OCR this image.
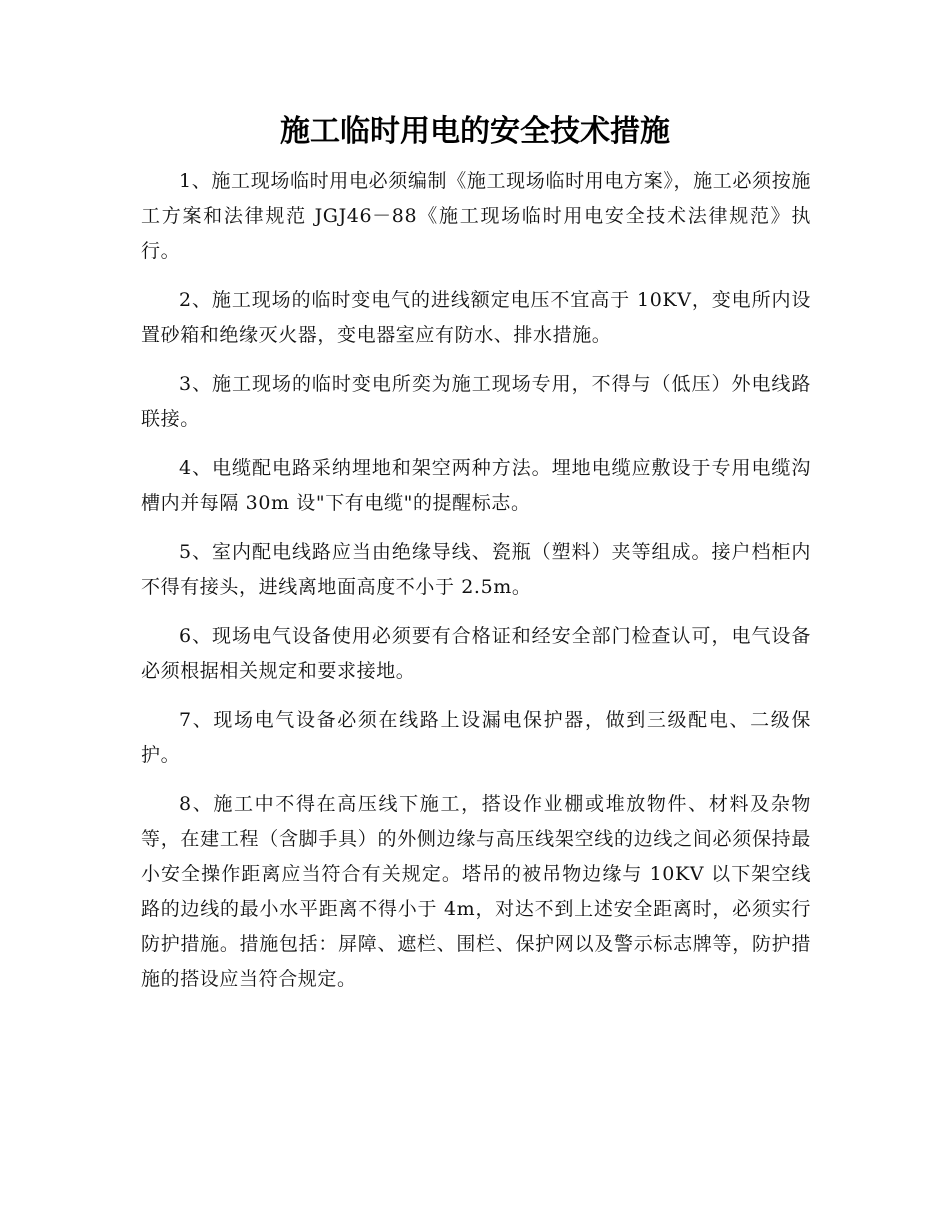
施工临时用电的安全技术措施

1、施工现场临时用电必须编制《施工现场临时用电方案》，施工必须按施工方案和法律规范 JGJ46－88《施工现场临时用电安全技术法律规范》执行。

2、施工现场的临时变电气的进线额定电压不宜高于 10KV，变电所内设置砂箱和绝缘灭火器，变电器室应有防水、排水措施。

3、施工现场的临时变电所奕为施工现场专用，不得与（低压）外电线路联接。

4、电缆配电路采纳埋地和架空两种方法。埋地电缆应敷设于专用电缆沟槽内并每隔 30m 设"下有电缆"的提醒标志。

5、室内配电线路应当由绝缘导线、瓷瓶（塑料）夹等组成。接户档柜内不得有接头，进线离地面高度不小于 2.5m。

6、现场电气设备使用必须要有合格证和经安全部门检查认可，电气设备必须根据相关规定和要求接地。

7、现场电气设备必须在线路上设漏电保护器，做到三级配电、二级保护。

8、施工中不得在高压线下施工，搭设作业棚或堆放物件、材料及杂物等，在建工程（含脚手具）的外侧边缘与高压线架空线的边线之间必须保持最小安全操作距离应当符合有关规定。塔吊的被吊物边缘与 10KV 以下架空线路的边线的最小水平距离不得小于 4m，对达不到上述安全距离时，必须实行防护措施。措施包括：屏障、遮栏、围栏、保护网以及警示标志牌等，防护措施的搭设应当符合规定。
